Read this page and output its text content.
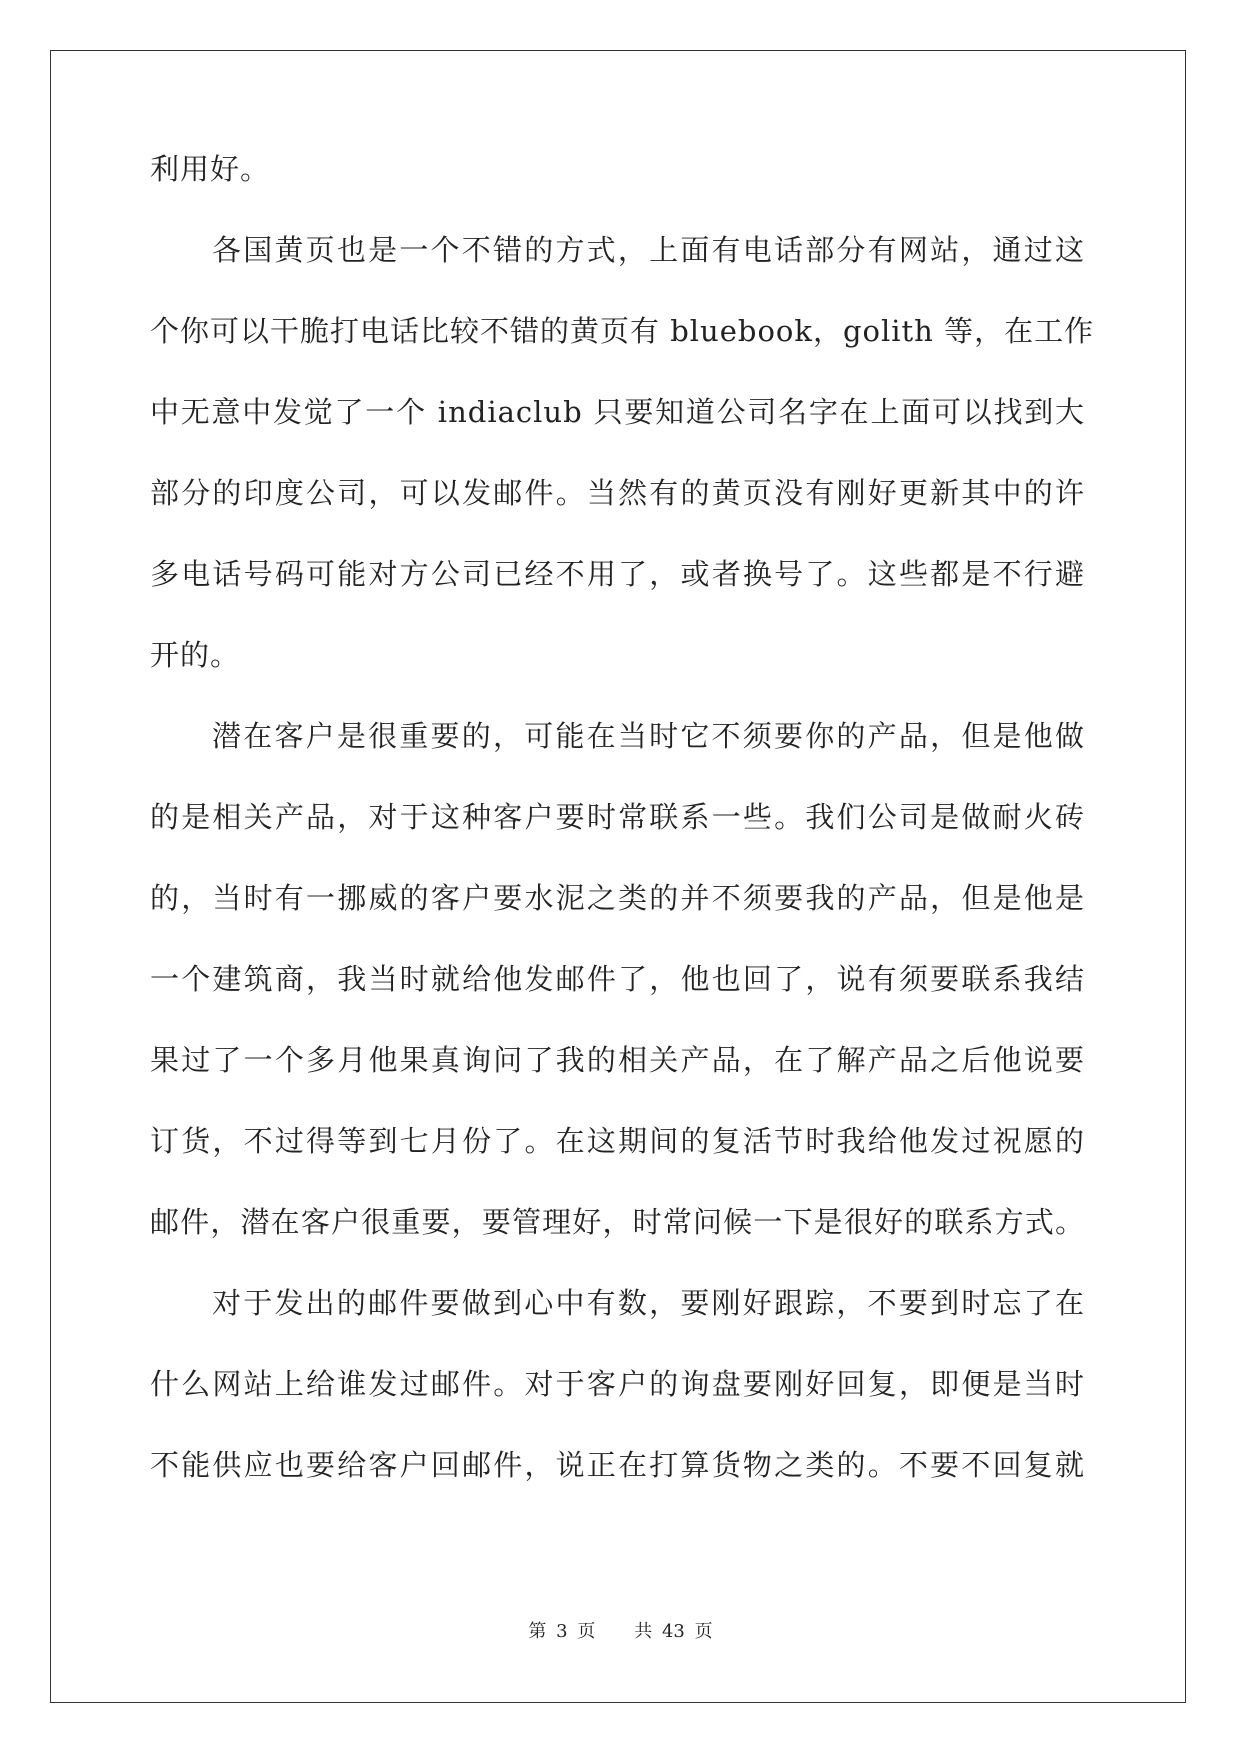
利用好。
各国黄页也是一个不错的方式，上面有电话部分有网站，通过这
个你可以干脆打电话比较不错的黄页有 bluebook，golith 等，在工作
中无意中发觉了一个 indiaclub 只要知道公司名字在上面可以找到大
部分的印度公司，可以发邮件。当然有的黄页没有刚好更新其中的许
多电话号码可能对方公司已经不用了，或者换号了。这些都是不行避
开的。
潜在客户是很重要的，可能在当时它不须要你的产品，但是他做
的是相关产品，对于这种客户要时常联系一些。我们公司是做耐火砖
的，当时有一挪威的客户要水泥之类的并不须要我的产品，但是他是
一个建筑商，我当时就给他发邮件了，他也回了，说有须要联系我结
果过了一个多月他果真询问了我的相关产品，在了解产品之后他说要
订货，不过得等到七月份了。在这期间的复活节时我给他发过祝愿的
邮件，潜在客户很重要，要管理好，时常问候一下是很好的联系方式。
对于发出的邮件要做到心中有数，要刚好跟踪，不要到时忘了在
什么网站上给谁发过邮件。对于客户的询盘要刚好回复，即便是当时
不能供应也要给客户回邮件，说正在打算货物之类的。不要不回复就
第 3 页 共 43 页
